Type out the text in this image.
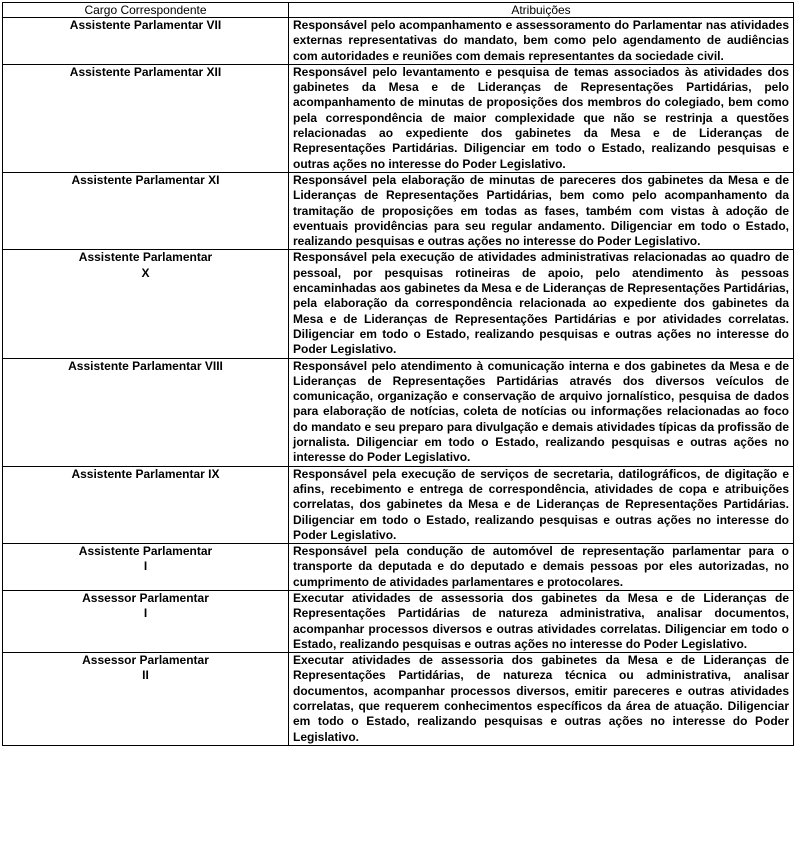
Cargo Correspondente	Atribuições

Assistente Parlamentar VII	Responsável pelo acompanhamento e assessoramento do Parlamentar nas atividades externas representativas do mandato, bem como pelo agendamento de audiências com autoridades e reuniões com demais representantes da sociedade civil.

Assistente Parlamentar XII	Responsável pelo levantamento e pesquisa de temas associados às atividades dos gabinetes da Mesa e de Lideranças de Representações Partidárias, pelo acompanhamento de minutas de proposições dos membros do colegiado, bem como pela correspondência de maior complexidade que não se restrinja a questões relacionadas ao expediente dos gabinetes da Mesa e de Lideranças de Representações Partidárias. Diligenciar em todo o Estado, realizando pesquisas e outras ações no interesse do Poder Legislativo.

Assistente Parlamentar XI	Responsável pela elaboração de minutas de pareceres dos gabinetes da Mesa e de Lideranças de Representações Partidárias, bem como pelo acompanhamento da tramitação de proposições em todas as fases, também com vistas à adoção de eventuais providências para seu regular andamento. Diligenciar em todo o Estado, realizando pesquisas e outras ações no interesse do Poder Legislativo.

Assistente Parlamentar
X	Responsável pela execução de atividades administrativas relacionadas ao quadro de pessoal, por pesquisas rotineiras de apoio, pelo atendimento às pessoas encaminhadas aos gabinetes da Mesa e de Lideranças de Representações Partidárias, pela elaboração da correspondência relacionada ao expediente dos gabinetes da Mesa e de Lideranças de Representações Partidárias e por atividades correlatas. Diligenciar em todo o Estado, realizando pesquisas e outras ações no interesse do Poder Legislativo.

Assistente Parlamentar VIII	Responsável pelo atendimento à comunicação interna e dos gabinetes da Mesa e de Lideranças de Representações Partidárias através dos diversos veículos de comunicação, organização e conservação de arquivo jornalístico, pesquisa de dados para elaboração de notícias, coleta de notícias ou informações relacionadas ao foco do mandato e seu preparo para divulgação e demais atividades típicas da profissão de jornalista. Diligenciar em todo o Estado, realizando pesquisas e outras ações no interesse do Poder Legislativo.

Assistente Parlamentar IX	Responsável pela execução de serviços de secretaria, datilográficos, de digitação e afins, recebimento e entrega de correspondência, atividades de copa e atribuições correlatas, dos gabinetes da Mesa e de Lideranças de Representações Partidárias. Diligenciar em todo o Estado, realizando pesquisas e outras ações no interesse do Poder Legislativo.

Assistente Parlamentar
I	Responsável pela condução de automóvel de representação parlamentar para o transporte da deputada e do deputado e demais pessoas por eles autorizadas, no cumprimento de atividades parlamentares e protocolares.

Assessor Parlamentar
I	Executar atividades de assessoria dos gabinetes da Mesa e de Lideranças de Representações Partidárias de natureza administrativa, analisar documentos, acompanhar processos diversos e outras atividades correlatas. Diligenciar em todo o Estado, realizando pesquisas e outras ações no interesse do Poder Legislativo.

Assessor Parlamentar
II	Executar atividades de assessoria dos gabinetes da Mesa e de Lideranças de Representações Partidárias, de natureza técnica ou administrativa, analisar documentos, acompanhar processos diversos, emitir pareceres e outras atividades correlatas, que requerem conhecimentos específicos da área de atuação. Diligenciar em todo o Estado, realizando pesquisas e outras ações no interesse do Poder Legislativo.
